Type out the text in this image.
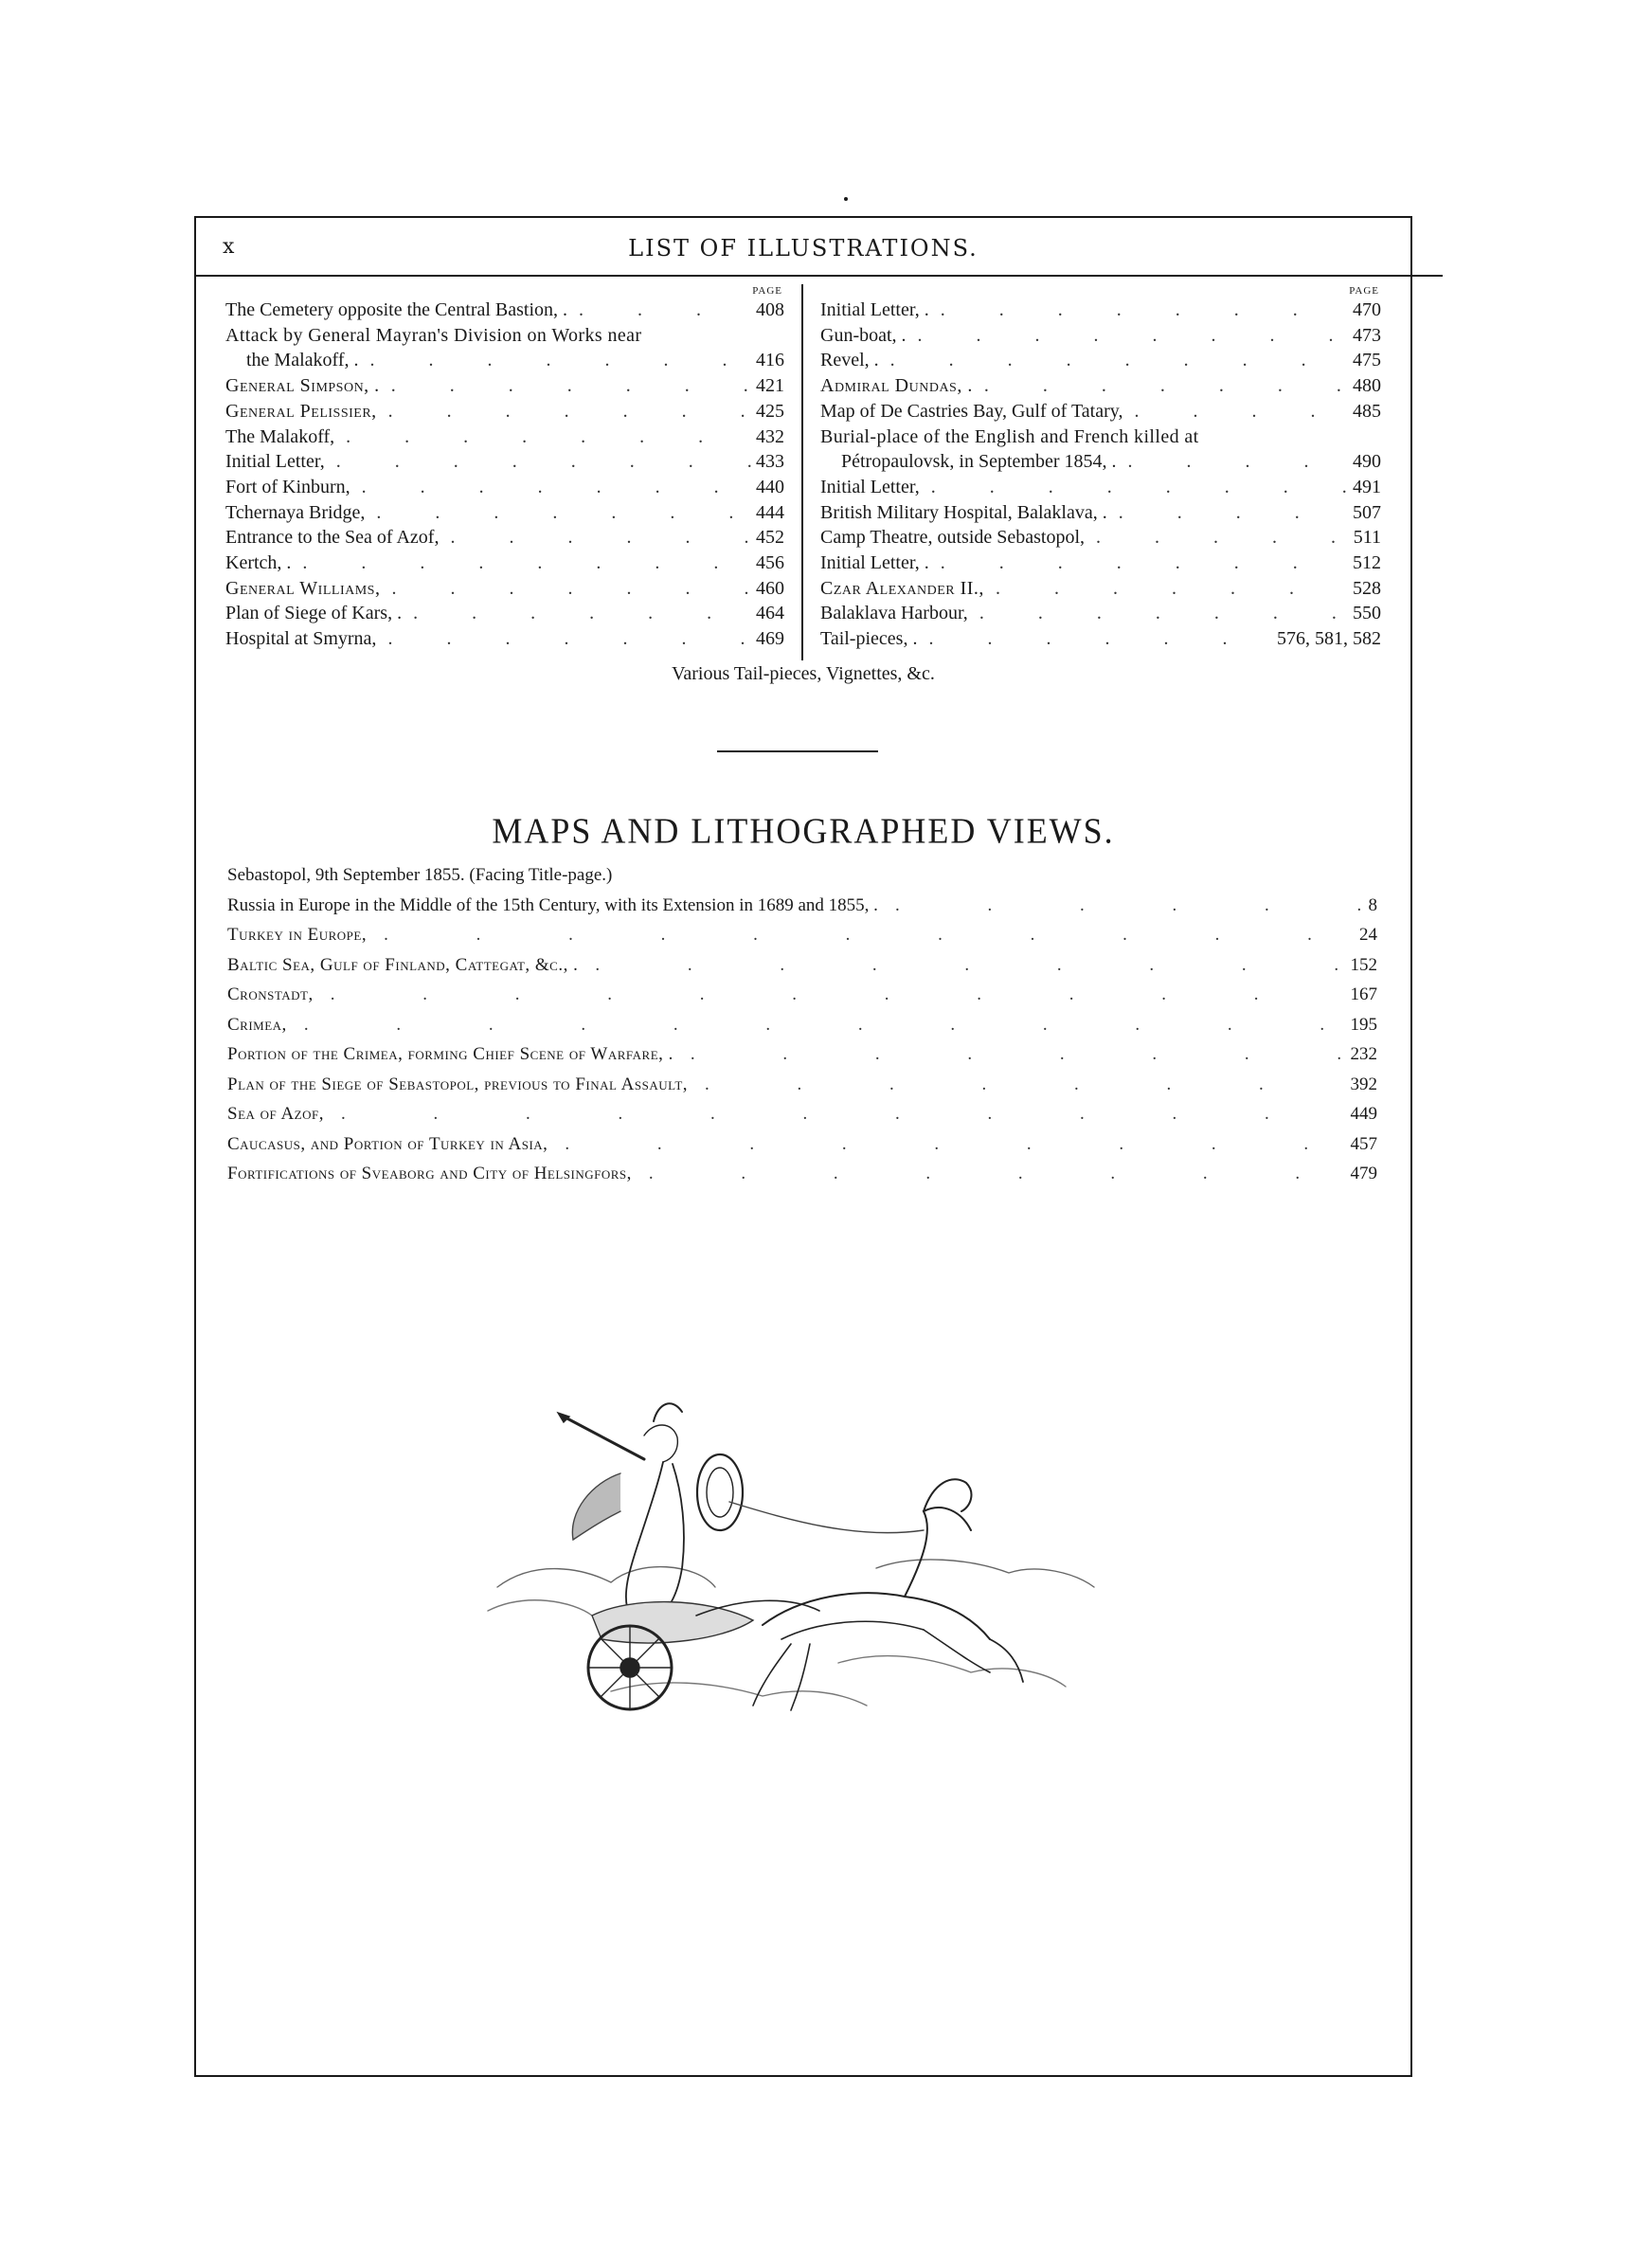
x	LIST OF ILLUSTRATIONS.
PAGE
The Cemetery opposite the Central Bastion, . . . .	408
Attack by General Mayran's Division on Works near
the Malakoff, . . . .	416
General Simpson, . . . .	421
General Pelissier, . . .	425
The Malakoff, . . .	432
Initial Letter, . . .	433
Fort of Kinburn, . . .	440
Tchernaya Bridge, . . .	444
Entrance to the Sea of Azof, . . .	452
Kertch, . . . .	456
General Williams, . . .	460
Plan of Siege of Kars, . . . .	464
Hospital at Smyrna, . . .	469
PAGE
Initial Letter, . . . .	470
Gun-boat, . . . .	473
Revel, . . . .	475
Admiral Dundas, . . . .	480
Map of De Castries Bay, Gulf of Tatary, . . .	485
Burial-place of the English and French killed at
Pétropaulovsk, in September 1854, . . . .	490
Initial Letter, . . .	491
British Military Hospital, Balaklava, . . . .	507
Camp Theatre, outside Sebastopol, . . .	511
Initial Letter, . . . .	512
Czar Alexander II., . . .	528
Balaklava Harbour, . . .	550
Tail-pieces, . . . .	576, 581, 582
Various Tail-pieces, Vignettes, &c.
MAPS AND LITHOGRAPHED VIEWS.
Sebastopol, 9th September 1855. (Facing Title-page.)
Russia in Europe in the Middle of the 15th Century, with its Extension in 1689 and 1855, . . . .	8
Turkey in Europe, . . .	24
Baltic Sea, Gulf of Finland, Cattegat, &c., . . . .	152
Cronstadt, . . .	167
Crimea, . . .	195
Portion of the Crimea, forming Chief Scene of Warfare, . . . .	232
Plan of the Siege of Sebastopol, previous to Final Assault, . . .	392
Sea of Azof, . . .	449
Caucasus, and Portion of Turkey in Asia, . . .	457
Fortifications of Sveaborg and City of Helsingfors, . . .	479
